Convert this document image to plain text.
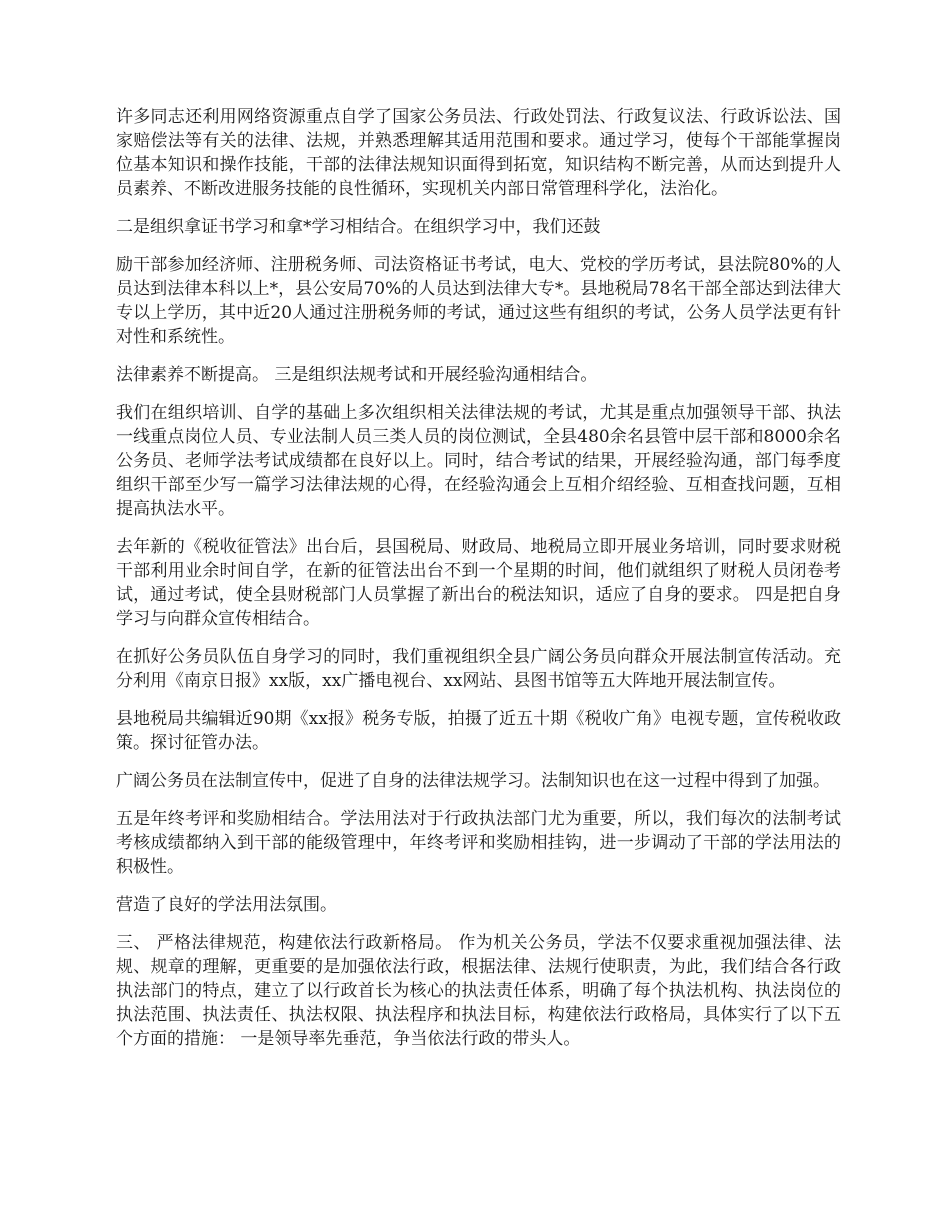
许多同志还利用网络资源重点自学了国家公务员法、行政处罚法、行政复议法、行政诉讼法、国家赔偿法等有关的法律、法规，并熟悉理解其适用范围和要求。通过学习，使每个干部能掌握岗位基本知识和操作技能，干部的法律法规知识面得到拓宽，知识结构不断完善，从而达到提升人员素养、不断改进服务技能的良性循环，实现机关内部日常管理科学化，法治化。

二是组织拿证书学习和拿*学习相结合。在组织学习中，我们还鼓

励干部参加经济师、注册税务师、司法资格证书考试，电大、党校的学历考试，县法院80%的人员达到法律本科以上*，县公安局70%的人员达到法律大专*。县地税局78名干部全部达到法律大专以上学历，其中近20人通过注册税务师的考试，通过这些有组织的考试，公务人员学法更有针对性和系统性。

法律素养不断提高。 三是组织法规考试和开展经验沟通相结合。

我们在组织培训、自学的基础上多次组织相关法律法规的考试，尤其是重点加强领导干部、执法一线重点岗位人员、专业法制人员三类人员的岗位测试，全县480余名县管中层干部和8000余名公务员、老师学法考试成绩都在良好以上。同时，结合考试的结果，开展经验沟通，部门每季度组织干部至少写一篇学习法律法规的心得，在经验沟通会上互相介绍经验、互相查找问题，互相提高执法水平。

去年新的《税收征管法》出台后，县国税局、财政局、地税局立即开展业务培训，同时要求财税干部利用业余时间自学，在新的征管法出台不到一个星期的时间，他们就组织了财税人员闭卷考试，通过考试，使全县财税部门人员掌握了新出台的税法知识，适应了自身的要求。 四是把自身学习与向群众宣传相结合。

在抓好公务员队伍自身学习的同时，我们重视组织全县广阔公务员向群众开展法制宣传活动。充分利用《南京日报》xx版，xx广播电视台、xx网站、县图书馆等五大阵地开展法制宣传。

县地税局共编辑近90期《xx报》税务专版，拍摄了近五十期《税收广角》电视专题，宣传税收政策。探讨征管办法。

广阔公务员在法制宣传中，促进了自身的法律法规学习。法制知识也在这一过程中得到了加强。

五是年终考评和奖励相结合。学法用法对于行政执法部门尤为重要，所以，我们每次的法制考试考核成绩都纳入到干部的能级管理中，年终考评和奖励相挂钩，进一步调动了干部的学法用法的积极性。

营造了良好的学法用法氛围。

三、 严格法律规范，构建依法行政新格局。 作为机关公务员，学法不仅要求重视加强法律、法规、规章的理解，更重要的是加强依法行政，根据法律、法规行使职责，为此，我们结合各行政执法部门的特点，建立了以行政首长为核心的执法责任体系，明确了每个执法机构、执法岗位的执法范围、执法责任、执法权限、执法程序和执法目标，构建依法行政格局，具体实行了以下五个方面的措施： 一是领导率先垂范，争当依法行政的带头人。
